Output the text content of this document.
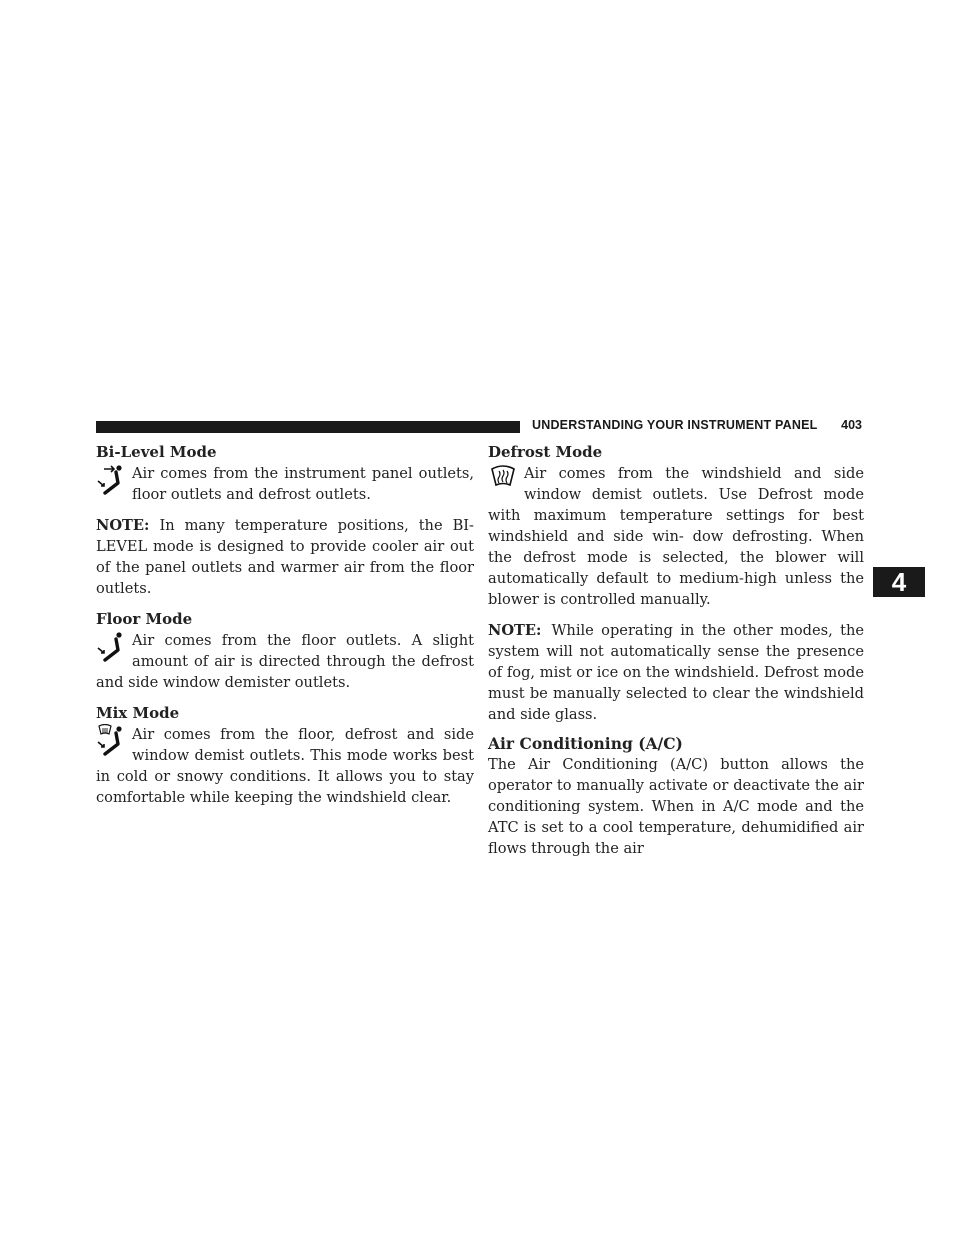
UNDERSTANDING YOUR INSTRUMENT PANEL 403
4
Bi-Level Mode

Air comes from the instrument panel outlets, floor outlets and defrost outlets.

NOTE: In many temperature positions, the BI-LEVEL mode is designed to provide cooler air out of the panel outlets and warmer air from the floor outlets.

Floor Mode

Air comes from the floor outlets. A slight amount of air is directed through the defrost and side window demister outlets.

Mix Mode

Air comes from the floor, defrost and side window demist outlets. This mode works best in cold or snowy conditions. It allows you to stay comfortable while keeping the windshield clear.

Defrost Mode

Air comes from the windshield and side window demist outlets. Use Defrost mode with maximum temperature settings for best windshield and side win- dow defrosting. When the defrost mode is selected, the blower will automatically default to medium-high unless the blower is controlled manually.

NOTE: While operating in the other modes, the system will not automatically sense the presence of fog, mist or ice on the windshield. Defrost mode must be manually selected to clear the windshield and side glass.

Air Conditioning (A/C)

The Air Conditioning (A/C) button allows the operator to manually activate or deactivate the air conditioning system. When in A/C mode and the ATC is set to a cool temperature, dehumidified air flows through the air
